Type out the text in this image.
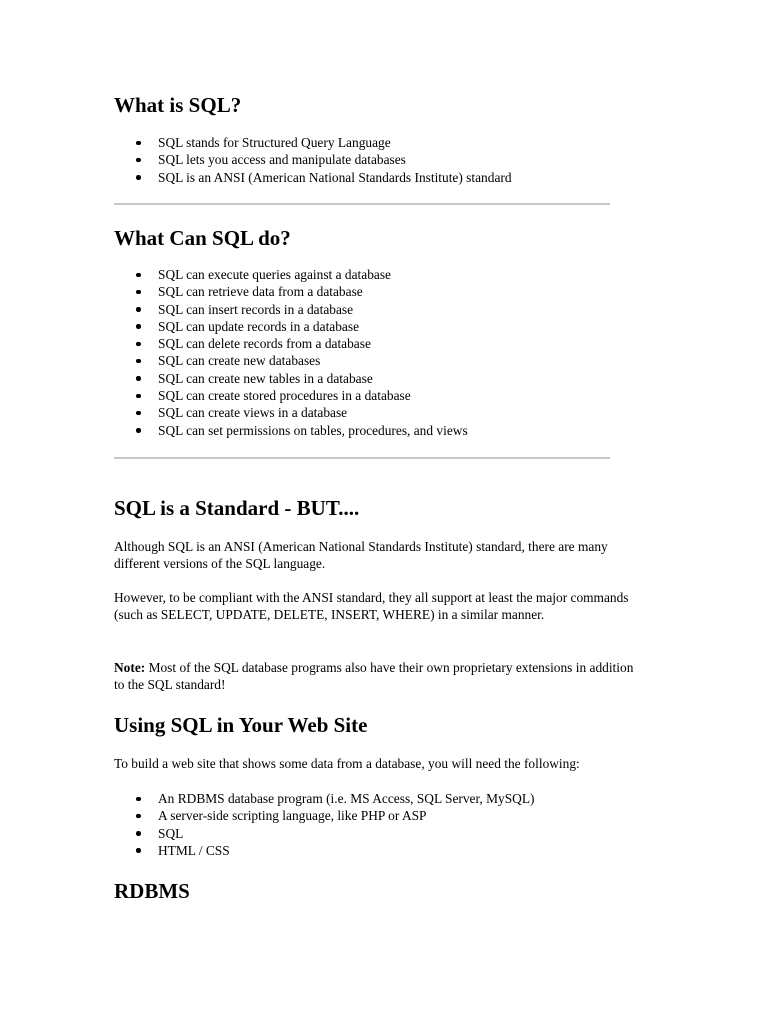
What is SQL?
SQL stands for Structured Query Language
SQL lets you access and manipulate databases
SQL is an ANSI (American National Standards Institute) standard
What Can SQL do?
SQL can execute queries against a database
SQL can retrieve data from a database
SQL can insert records in a database
SQL can update records in a database
SQL can delete records from a database
SQL can create new databases
SQL can create new tables in a database
SQL can create stored procedures in a database
SQL can create views in a database
SQL can set permissions on tables, procedures, and views
SQL is a Standard - BUT....

Although SQL is an ANSI (American National Standards Institute) standard, there are many different versions of the SQL language.

However, to be compliant with the ANSI standard, they all support at least the major commands (such as SELECT, UPDATE, DELETE, INSERT, WHERE) in a similar manner.

Note: Most of the SQL database programs also have their own proprietary extensions in addition to the SQL standard!

Using SQL in Your Web Site

To build a web site that shows some data from a database, you will need the following:

An RDBMS database program (i.e. MS Access, SQL Server, MySQL)
A server-side scripting language, like PHP or ASP
SQL
HTML / CSS
RDBMS
